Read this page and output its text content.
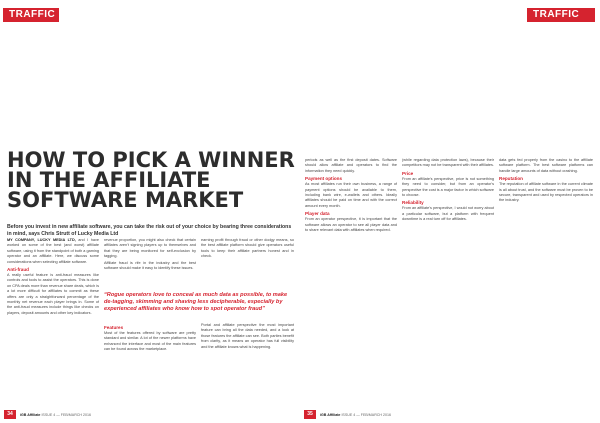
TRAFFIC
HOW TO PICK A WINNER
IN THE AFFILIATE
SOFTWARE MARKET

Before you invest in new affiliate software, you can take the risk out of your choice by bearing three considerations in mind, says Chris Strutt of Lucky Media Ltd

MY COMPANY, LUCKY MEDIA LTD, and I have worked on some of the best (and worst) affiliate software, using it from the standpoint of both a gaming operator and an affiliate. Here, we discuss some considerations when selecting affiliate software.

Anti-fraud

A really useful feature is anti-fraud measures like controls and tools to assist the operators. This is done on CPA deals more than revenue share deals, which is a lot more difficult for affiliates to commit as these offers are only a straightforward percentage of the monthly net revenue each player brings in. Some of the anti-fraud measures include things like checks on players, deposit amounts and other key indicators.

revenue proportion, you might also check that certain affiliates aren't signing players up to themselves and that they are being monitored for self-exclusion by tagging.

Affiliate fraud is rife in the industry and the best software should make it easy to identify these issues.

earning profit through fraud or other dodgy means, so the best affiliate platform should give operators useful tools to keep their affiliate partners honest and in check.

“Rogue operators love to conceal as much data as possible, to make de-tagging, skimming and shaving less decipherable, especially by experienced affiliates who know how to spot operator fraud”

Features

Most of the features offered by software are pretty standard and similar. A lot of the newer platforms have enhanced the interface and most of the main features can be found across the marketplace.

Portal and affiliate perspective the most important feature can bring all the data needed, and a look at those features the affiliate can see. Both parties benefit from clarity, as it means an operator has full visibility and the affiliate knows what is happening.

34	iGB Affiliate ISSUE 4 — FEB/MARCH 2016
TRAFFIC

periods as well as the first deposit dates. Software should allow affiliate and operators to find the information they need quickly.

Payment options

As most affiliates run their own business, a range of payment options should be available to them, including bank wire, e-wallets and others. Ideally affiliates should be paid on time and with the correct amount every month.

Player data

From an operator perspective, it is important that the software allows an operator to see all player data and to share relevant data with affiliates when required.

(while regarding data protection laws), because their competitors may not be transparent with their affiliates.

Price

From an affiliate's perspective, price is not something they need to consider, but from an operator's perspective the cost is a major factor in which software to choose.

Reliability

From an affiliate's perspective, I would not worry about a particular software, but a platform with frequent downtime is a real turn off for affiliates.

data gets fed properly from the casino to the affiliate software platform. The best software platforms can handle large amounts of data without crashing.

Reputation

The reputation of affiliate software in the current climate is all about trust, and the software must be proven to be secure, transparent and used by respected operators in the industry.

35	iGB Affiliate ISSUE 4 — FEB/MARCH 2016
